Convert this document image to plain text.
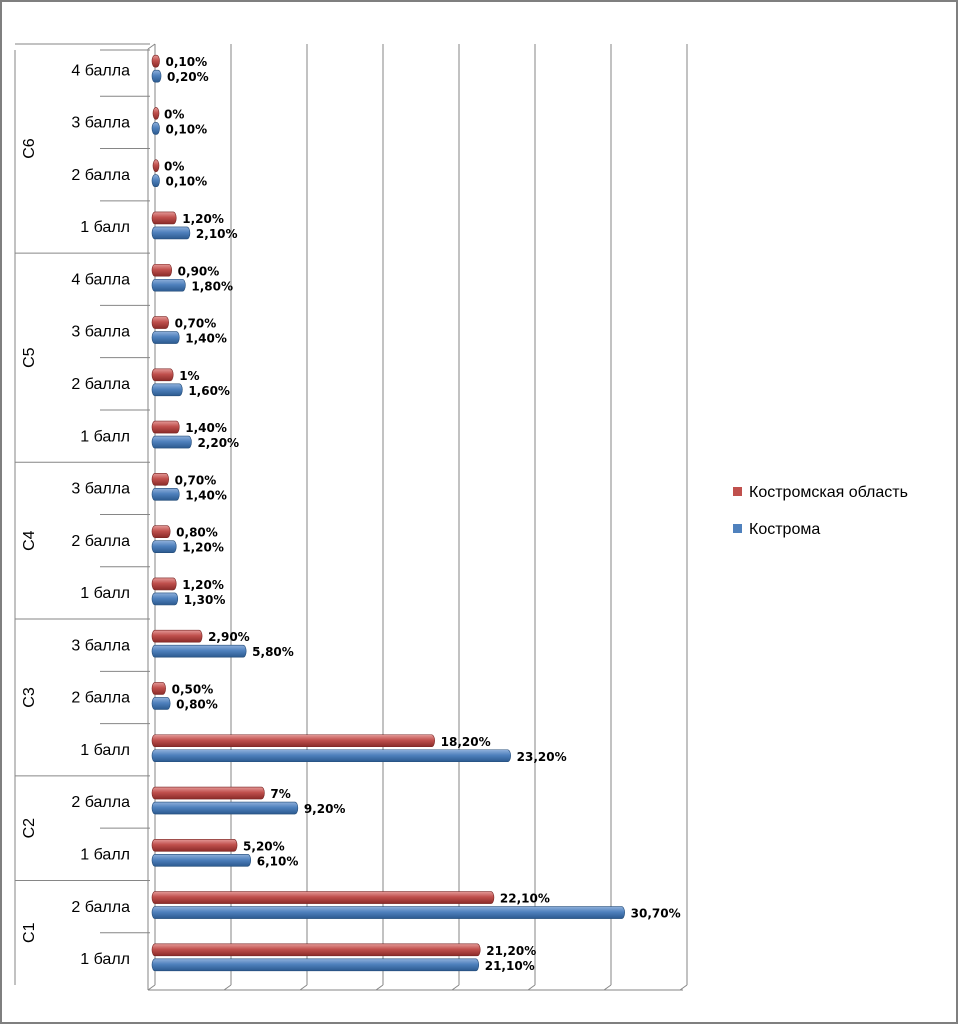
С1
1 балл
2 балла
С2
1 балл
2 балла
С3
1 балл
2 балла
3 балла
С4
1 балл
2 балла
3 балла
С5
1 балл
2 балла
3 балла
4 балла
С6
1 балл
2 балла
3 балла
4 балла
21,20%
21,10%
22,10%
30,70%
5,20%
6,10%
7%
9,20%
18,20%
23,20%
0,50%
0,80%
2,90%
5,80%
1,20%
1,30%
0,80%
1,20%
0,70%
1,40%
1,40%
2,20%
1%
1,60%
0,70%
1,40%
0,90%
1,80%
1,20%
2,10%
0%
0,10%
0%
0,10%
0,10%
0,20%
Костромская область
Кострома
